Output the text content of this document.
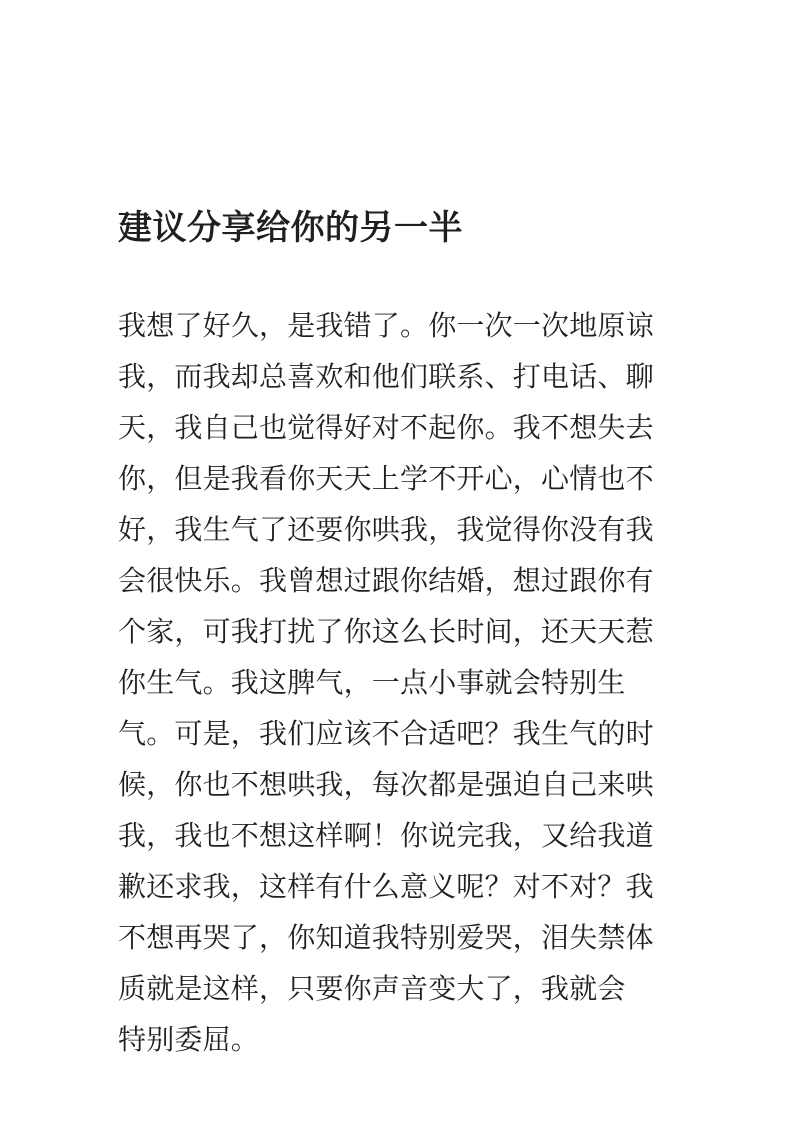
建议分享给你的另一半
我想了好久，是我错了。你一次一次地原谅
我，而我却总喜欢和他们联系、打电话、聊
天，我自己也觉得好对不起你。我不想失去
你，但是我看你天天上学不开心，心情也不
好，我生气了还要你哄我，我觉得你没有我
会很快乐。我曾想过跟你结婚，想过跟你有
个家，可我打扰了你这么长时间，还天天惹
你生气。我这脾气，一点小事就会特别生
气。可是，我们应该不合适吧？我生气的时
候，你也不想哄我，每次都是强迫自己来哄
我，我也不想这样啊！你说完我，又给我道
歉还求我，这样有什么意义呢？对不对？我
不想再哭了，你知道我特别爱哭，泪失禁体
质就是这样，只要你声音变大了，我就会
特别委屈。
